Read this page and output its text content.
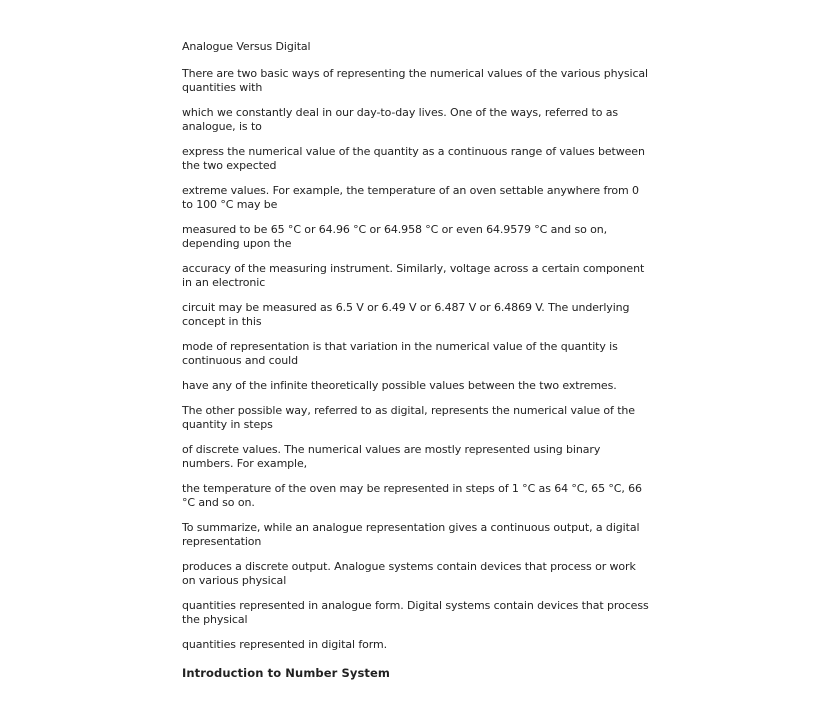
Analogue Versus Digital

There are two basic ways of representing the numerical values of the various physical quantities with

which we constantly deal in our day-to-day lives. One of the ways, referred to as analogue, is to

express the numerical value of the quantity as a continuous range of values between the two expected

extreme values. For example, the temperature of an oven settable anywhere from 0 to 100 °C may be

measured to be 65 °C or 64.96 °C or 64.958 °C or even 64.9579 °C and so on, depending upon the

accuracy of the measuring instrument. Similarly, voltage across a certain component in an electronic

circuit may be measured as 6.5 V or 6.49 V or 6.487 V or 6.4869 V. The underlying concept in this

mode of representation is that variation in the numerical value of the quantity is continuous and could

have any of the infinite theoretically possible values between the two extremes.

The other possible way, referred to as digital, represents the numerical value of the quantity in steps

of discrete values. The numerical values are mostly represented using binary numbers. For example,

the temperature of the oven may be represented in steps of 1 °C as 64 °C, 65 °C, 66 °C and so on.

To summarize, while an analogue representation gives a continuous output, a digital representation

produces a discrete output. Analogue systems contain devices that process or work on various physical

quantities represented in analogue form. Digital systems contain devices that process the physical

quantities represented in digital form.

Introduction to Number System
